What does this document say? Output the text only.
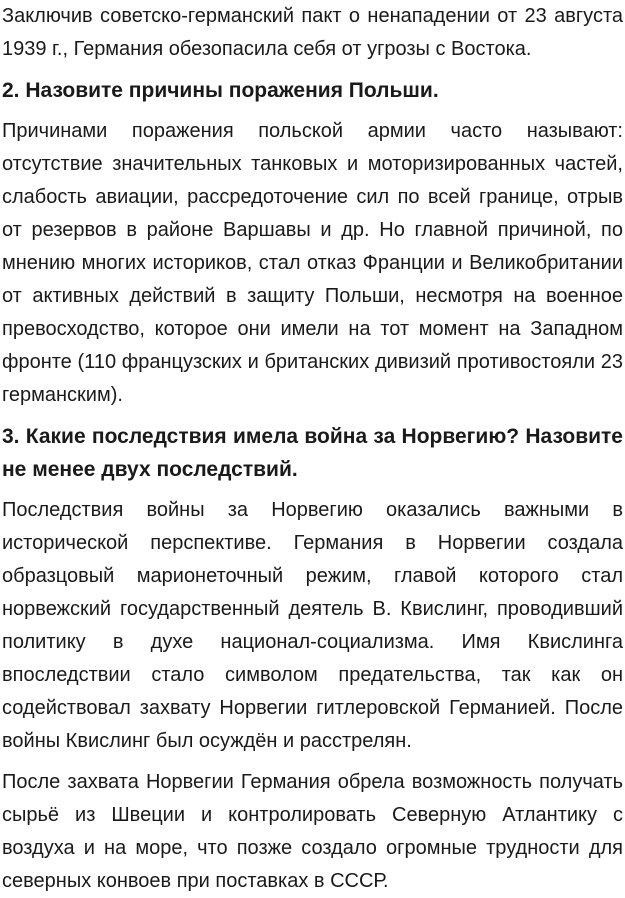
Заключив советско-германский пакт о ненападении от 23 августа 1939 г., Германия обезопасила себя от угрозы с Востока.

2. Назовите причины поражения Польши.

Причинами поражения польской армии часто называют: отсутствие значительных танковых и моторизированных частей, слабость авиации, рассредоточение сил по всей границе, отрыв от резервов в районе Варшавы и др. Но главной причиной, по мнению многих историков, стал отказ Франции и Великобритании от активных действий в защиту Польши, несмотря на военное превосходство, которое они имели на тот момент на Западном фронте (110 французских и британских дивизий противостояли 23 германским).

3. Какие последствия имела война за Норвегию? Назовите не менее двух последствий.

Последствия войны за Норвегию оказались важными в исторической перспективе. Германия в Норвегии создала образцовый марионеточный режим, главой которого стал норвежский государственный деятель В. Квислинг, проводивший политику в духе национал-социализма. Имя Квислинга впоследствии стало символом предательства, так как он содействовал захвату Норвегии гитлеровской Германией. После войны Квислинг был осуждён и расстрелян.

После захвата Норвегии Германия обрела возможность получать сырьё из Швеции и контролировать Северную Атлантику с воздуха и на море, что позже создало огромные трудности для северных конвоев при поставках в СССР.
